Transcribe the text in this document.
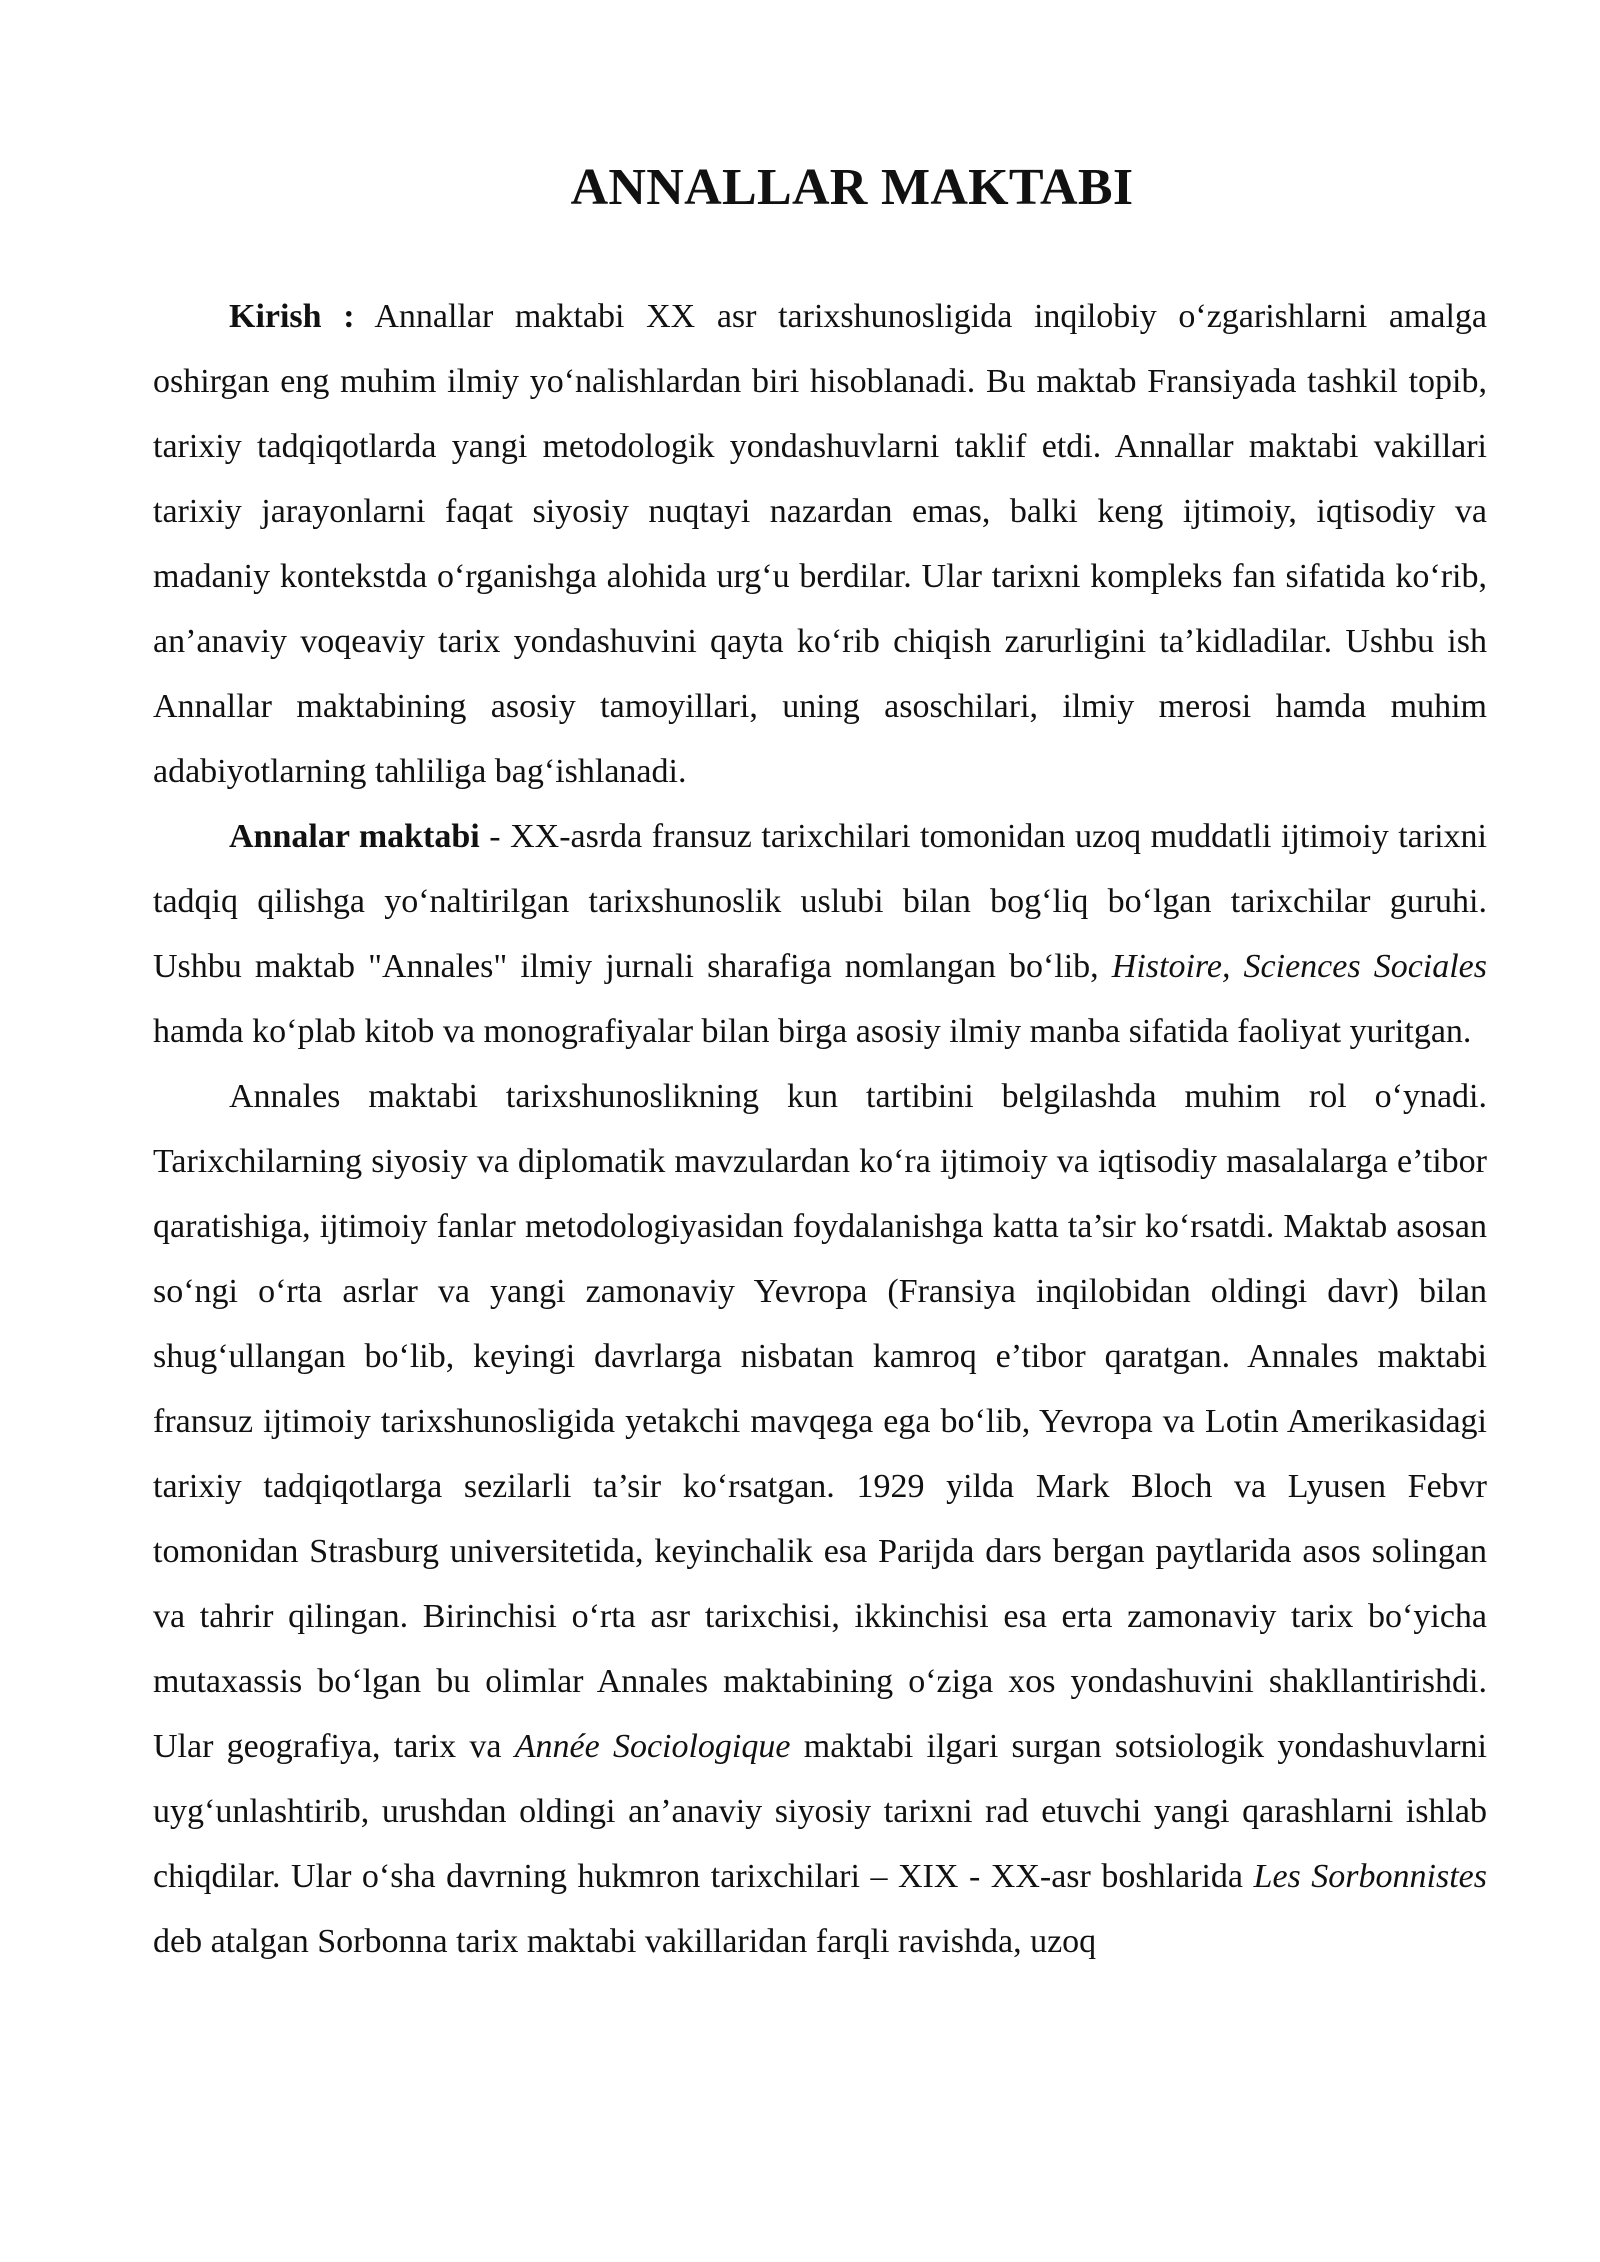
ANNALLAR MAKTABI

Kirish : Annallar maktabi XX asr tarixshunosligida inqilobiy o‘zgarishlarni amalga oshirgan eng muhim ilmiy yo‘nalishlardan biri hisoblanadi. Bu maktab Fransiyada tashkil topib, tarixiy tadqiqotlarda yangi metodologik yondashuvlarni taklif etdi. Annallar maktabi vakillari tarixiy jarayonlarni faqat siyosiy nuqtayi nazardan emas, balki keng ijtimoiy, iqtisodiy va madaniy kontekstda o‘rganishga alohida urg‘u berdilar. Ular tarixni kompleks fan sifatida ko‘rib, an’anaviy voqeaviy tarix yondashuvini qayta ko‘rib chiqish zarurligini ta’kidladilar. Ushbu ish Annallar maktabining asosiy tamoyillari, uning asoschilari, ilmiy merosi hamda muhim adabiyotlarning tahliliga bag‘ishlanadi.

Annalar maktabi - XX-asrda fransuz tarixchilari tomonidan uzoq muddatli ijtimoiy tarixni tadqiq qilishga yo‘naltirilgan tarixshunoslik uslubi bilan bog‘liq bo‘lgan tarixchilar guruhi. Ushbu maktab "Annales" ilmiy jurnali sharafiga nomlangan bo‘lib, Histoire, Sciences Sociales hamda ko‘plab kitob va monografiyalar bilan birga asosiy ilmiy manba sifatida faoliyat yuritgan.

Annales maktabi tarixshunoslikning kun tartibini belgilashda muhim rol o‘ynadi. Tarixchilarning siyosiy va diplomatik mavzulardan ko‘ra ijtimoiy va iqtisodiy masalalarga e’tibor qaratishiga, ijtimoiy fanlar metodologiyasidan foydalanishga katta ta’sir ko‘rsatdi. Maktab asosan so‘ngi o‘rta asrlar va yangi zamonaviy Yevropa (Fransiya inqilobidan oldingi davr) bilan shug‘ullangan bo‘lib, keyingi davrlarga nisbatan kamroq e’tibor qaratgan. Annales maktabi fransuz ijtimoiy tarixshunosligida yetakchi mavqega ega bo‘lib, Yevropa va Lotin Amerikasidagi tarixiy tadqiqotlarga sezilarli ta’sir ko‘rsatgan. 1929 yilda Mark Bloch va Lyusen Febvr tomonidan Strasburg universitetida, keyinchalik esa Parijda dars bergan paytlarida asos solingan va tahrir qilingan. Birinchisi o‘rta asr tarixchisi, ikkinchisi esa erta zamonaviy tarix bo‘yicha mutaxassis bo‘lgan bu olimlar Annales maktabining o‘ziga xos yondashuvini shakllantirishdi. Ular geografiya, tarix va Année Sociologique maktabi ilgari surgan sotsiologik yondashuvlarni uyg‘unlashtirib, urushdan oldingi an’anaviy siyosiy tarixni rad etuvchi yangi qarashlarni ishlab chiqdilar. Ular o‘sha davrning hukmron tarixchilari – XIX - XX-asr boshlarida Les Sorbonnistes deb atalgan Sorbonna tarix maktabi vakillaridan farqli ravishda, uzoq
